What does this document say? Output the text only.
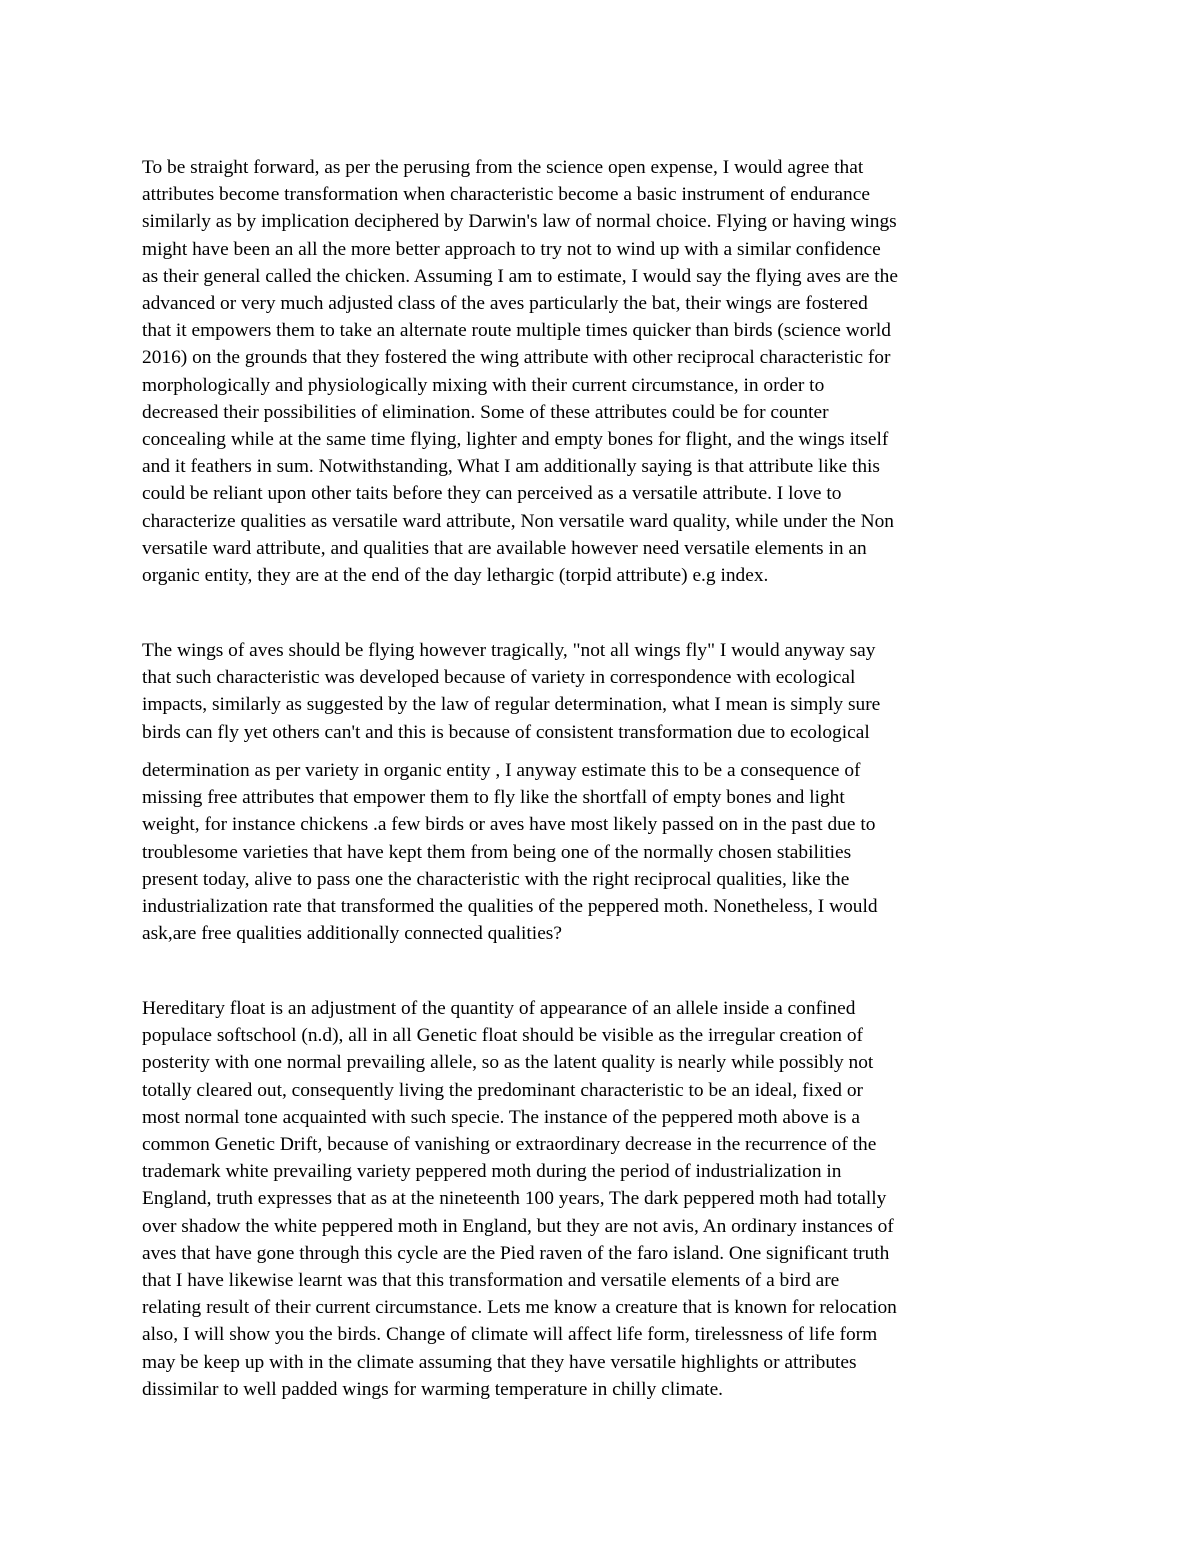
To be straight forward, as per the perusing from the science open expense, I would agree that
attributes become transformation when characteristic become a basic instrument of endurance
similarly as by implication deciphered by Darwin's law of normal choice. Flying or having wings
might have been an all the more better approach to try not to wind up with a similar confidence
as their general called the chicken. Assuming I am to estimate, I would say the flying aves are the
advanced or very much adjusted class of the aves particularly the bat, their wings are fostered
that it empowers them to take an alternate route multiple times quicker than birds (science world
2016) on the grounds that they fostered the wing attribute with other reciprocal characteristic for
morphologically and physiologically mixing with their current circumstance, in order to
decreased their possibilities of elimination. Some of these attributes could be for counter
concealing while at the same time flying, lighter and empty bones for flight, and the wings itself
and it feathers in sum. Notwithstanding, What I am additionally saying is that attribute like this
could be reliant upon other taits before they can perceived as a versatile attribute. I love to
characterize qualities as versatile ward attribute, Non versatile ward quality, while under the Non
versatile ward attribute, and qualities that are available however need versatile elements in an
organic entity, they are at the end of the day lethargic (torpid attribute) e.g index.

The wings of aves should be flying however tragically, "not all wings fly" I would anyway say
that such characteristic was developed because of variety in correspondence with ecological
impacts, similarly as suggested by the law of regular determination, what I mean is simply sure
birds can fly yet others can't and this is because of consistent transformation due to ecological

determination as per variety in organic entity , I anyway estimate this to be a consequence of
missing free attributes that empower them to fly like the shortfall of empty bones and light
weight, for instance chickens .a few birds or aves have most likely passed on in the past due to
troublesome varieties that have kept them from being one of the normally chosen stabilities
present today, alive to pass one the characteristic with the right reciprocal qualities, like the
industrialization rate that transformed the qualities of the peppered moth. Nonetheless, I would
ask,are free qualities additionally connected qualities?

Hereditary float is an adjustment of the quantity of appearance of an allele inside a confined
populace softschool (n.d), all in all Genetic float should be visible as the irregular creation of
posterity with one normal prevailing allele, so as the latent quality is nearly while possibly not
totally cleared out, consequently living the predominant characteristic to be an ideal, fixed or
most normal tone acquainted with such specie. The instance of the peppered moth above is a
common Genetic Drift, because of vanishing or extraordinary decrease in the recurrence of the
trademark white prevailing variety peppered moth during the period of industrialization in
England, truth expresses that as at the nineteenth 100 years, The dark peppered moth had totally
over shadow the white peppered moth in England, but they are not avis, An ordinary instances of
aves that have gone through this cycle are the Pied raven of the faro island. One significant truth
that I have likewise learnt was that this transformation and versatile elements of a bird are
relating result of their current circumstance. Lets me know a creature that is known for relocation
also, I will show you the birds. Change of climate will affect life form, tirelessness of life form
may be keep up with in the climate assuming that they have versatile highlights or attributes
dissimilar to well padded wings for warming temperature in chilly climate.
